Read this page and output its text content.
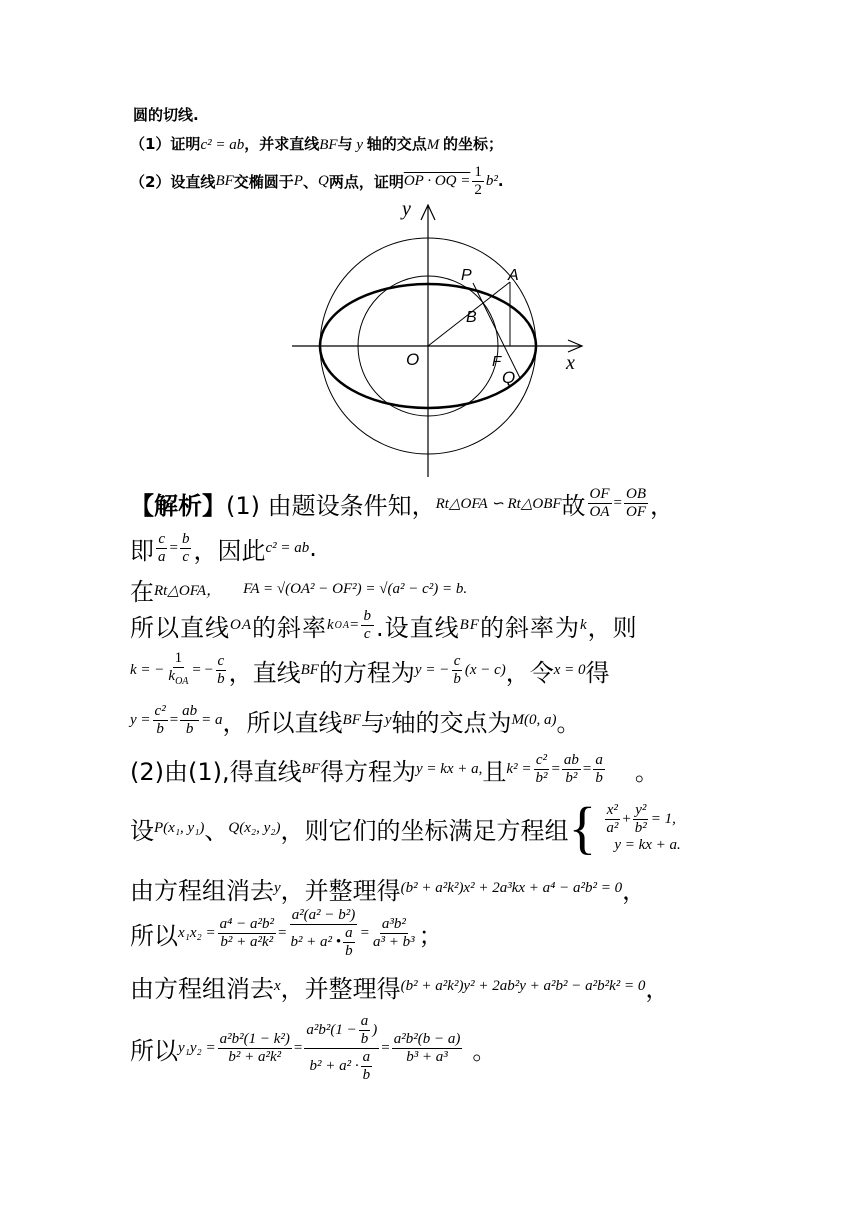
圆的切线.
（1）证明c² = ab，并求直线BF与 y 轴的交点M 的坐标；
（2）设直线 BF 交椭圆于 P 、 Q 两点，证明 OP · OQ = $\frac{1}{2} b^2$ .
x
y
O	F
Q
P A
B
【解析】 (1) 由题设条件知， Rt△OFA ∽ Rt△OBF 故 $\frac{OF}{OA} = \frac{OB}{OF}$ ，
即 $\frac{c}{a} = \frac{b}{c}$ ，因此 c² = ab .
在 Rt△OFA， FA = √(OA² − OF²) = √(a² − c²) = b.
所以直线 OA 的斜率 k OA = $\frac{b}{c}$ .设直线 BF 的斜率为 k ，则
k = − $\frac{1}{k_{OA}}$ = − $\frac{c}{b}$ ，直线 BF 的方程为 y = − $\frac{c}{b} (x - c)$ ，令 x = 0 得
$y = \frac{\text{c²}}{b} = \frac{ab}{b} = a$ ，所以直线 BF 与 y 轴的交点为 M(0, a) 。
(2)由(1),得直线 BF 得方程为 y = kx + a, 且 $k^2 = \frac{\text{c²}}{\text{b²}} = \frac{ab}{\text{b²}} = \frac{a}{b}$ 。
设 P(x₁, y₁) 、 Q(x₂, y₂) ，则它们的坐标满足方程组 { $\frac{\text{x²}}{\text{a²}} + \frac{\text{y²}}{\text{b²}} = 1$,
y = kx + a.
由方程组消去 y ，并整理得 (b² + a²k²)x² + 2a³kx + a⁴ − a²b² = 0 ，
所以 $x_1x_2 = \frac{\text{a⁴ − a²b²}}{\text{b² + a²k²}} = \frac{\text{a²(a² − b²)}}{b^2 + a^2 • \frac{a}{b}} = \frac{\text{a³b²}}{\text{a³ + b³}}$ ；
由方程组消去 x ，并整理得 (b² + a²k²)y² + 2ab²y + a²b² − a²b²k² = 0 ，
所以 $y_1y_2 = \frac{\text{a²b²(1 − k²)}}{\text{b² + a²k²}} = \frac{a^2b^2(1 - \frac{a}{b} )}{b^2 + a^2 \cdot \frac{a}{b}} = \frac{\text{a²b²(b − a)}}{\text{b³ + a³}}$ 。
